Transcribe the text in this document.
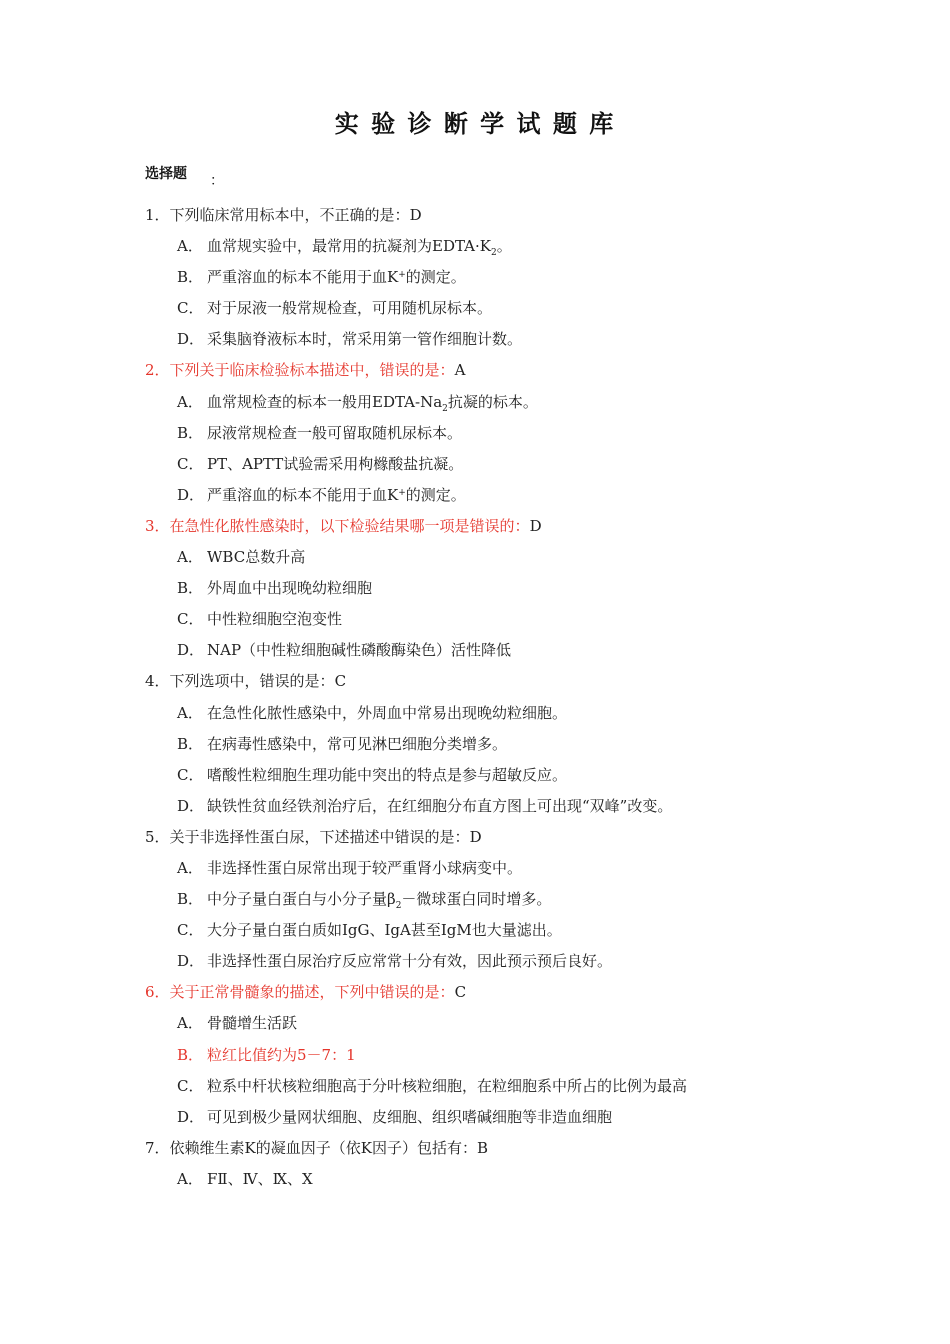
实 验 诊 断 学 试 题 库
选择题 ：
1．下列临床常用标本中，不正确的是：D
A． 血常规实验中，最常用的抗凝剂为$EDTA\cdot K_2$。
B． 严重溶血的标本不能用于血K+的测定。
C． 对于尿液一般常规检查，可用随机尿标本。
D． 采集脑脊液标本时，常采用第一管作细胞计数。
2．下列关于临床检验标本描述中，错误的是：A
A． 血常规检查的标本一般用EDTA-$Na_2$抗凝的标本。
B． 尿液常规检查一般可留取随机尿标本。
C． PT、APTT试验需采用枸橼酸盐抗凝。
D． 严重溶血的标本不能用于血K+的测定。
3．在急性化脓性感染时，以下检验结果哪一项是错误的：D
A． WBC总数升高
B． 外周血中出现晚幼粒细胞
C． 中性粒细胞空泡变性
D． NAP（中性粒细胞碱性磷酸酶染色）活性降低
4．下列选项中，错误的是：C
A． 在急性化脓性感染中，外周血中常易出现晚幼粒细胞。
B． 在病毒性感染中，常可见淋巴细胞分类增多。
C． 嗜酸性粒细胞生理功能中突出的特点是参与超敏反应。
D． 缺铁性贫血经铁剂治疗后，在红细胞分布直方图上可出现“双峰”改变。
5．关于非选择性蛋白尿，下述描述中错误的是：D
A． 非选择性蛋白尿常出现于较严重肾小球病变中。
B． 中分子量白蛋白与小分子量$\beta_2-$微球蛋白同时增多。
C． 大分子量白蛋白质如IgG、IgA甚至IgM也大量滤出。
D． 非选择性蛋白尿治疗反应常常十分有效，因此预示预后良好。
6．关于正常骨髓象的描述，下列中错误的是：C
A． 骨髓增生活跃
B． 粒红比值约为5－7：1
C． 粒系中杆状核粒细胞高于分叶核粒细胞，在粒细胞系中所占的比例为最高
D． 可见到极少量网状细胞、皮细胞、组织嗜碱细胞等非造血细胞
7．依赖维生素K的凝血因子（依K因子）包括有：B
A． FⅡ、Ⅳ、Ⅸ、Ⅹ
